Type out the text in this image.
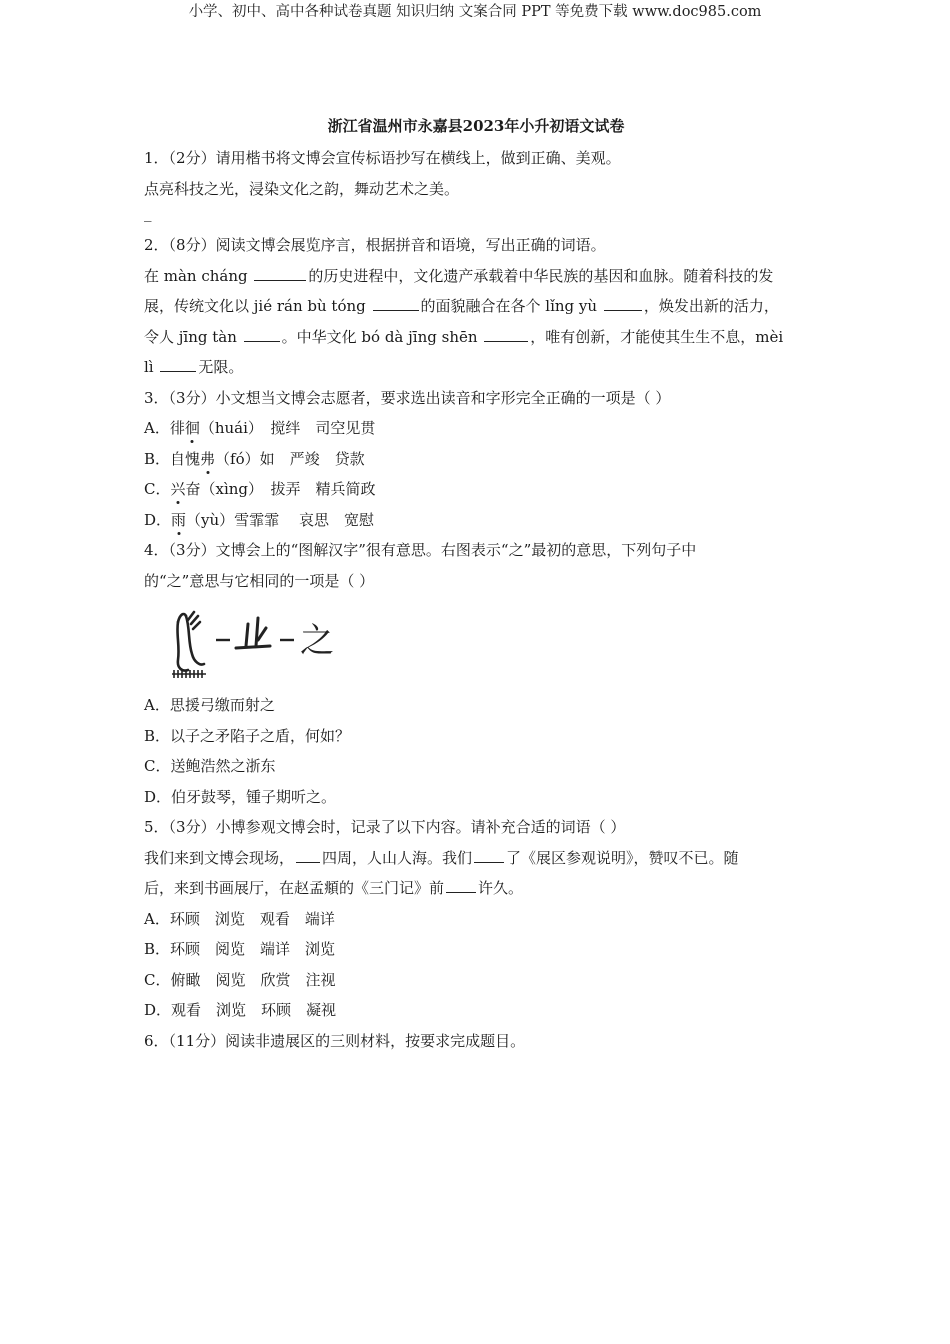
小学、初中、高中各种试卷真题 知识归纳 文案合同 PPT 等免费下载 www.doc985.com
浙江省温州市永嘉县2023年小升初语文试卷
1．（2分）请用楷书将文博会宣传标语抄写在横线上，做到正确、美观。
点亮科技之光，浸染文化之韵，舞动艺术之美。
_
2．（8分）阅读文博会展览序言，根据拼音和语境，写出正确的词语。
在 màn cháng	的历史进程中，文化遗产承载着中华民族的基因和血脉。随着科技的发
展，传统文化以 jié rán bù tóng	的面貌融合在各个 lǐng yù	，焕发出新的活力，
令人 jīng tàn	。中华文化 bó dà jīng shēn	，唯有创新，才能使其生生不息，mèi
lì	无限。
3．（3分）小文想当文博会志愿者，要求选出读音和字形完全正确的一项是（ ）
A．徘徊（huái）　搅绊　司空见贯
B．自愧弗（fó）如　严竣　贷款
C．兴奋（xìng）　拔弄　精兵简政
D．雨（yù）雪霏霏　 哀思　宽慰
4．（3分）文博会上的“图解汉字”很有意思。右图表示“之”最初的意思，下列句子中
的“之”意思与它相同的一项是（ ）
之
A．思援弓缴而射之
B．以子之矛陷子之盾，何如？
C．送鲍浩然之浙东
D．伯牙鼓琴，锺子期听之。
5．（3分）小博参观文博会时，记录了以下内容。请补充合适的词语（ ）
我们来到文博会现场， 四周，人山人海。我们 了《展区参观说明》，赞叹不已。随
后，来到书画展厅，在赵孟頫的《三门记》前 许久。
A．环顾　浏览　观看　端详
B．环顾　阅览　端详　浏览
C．俯瞰　阅览　欣赏　注视
D．观看　浏览　环顾　凝视
6．（11分）阅读非遗展区的三则材料，按要求完成题目。
